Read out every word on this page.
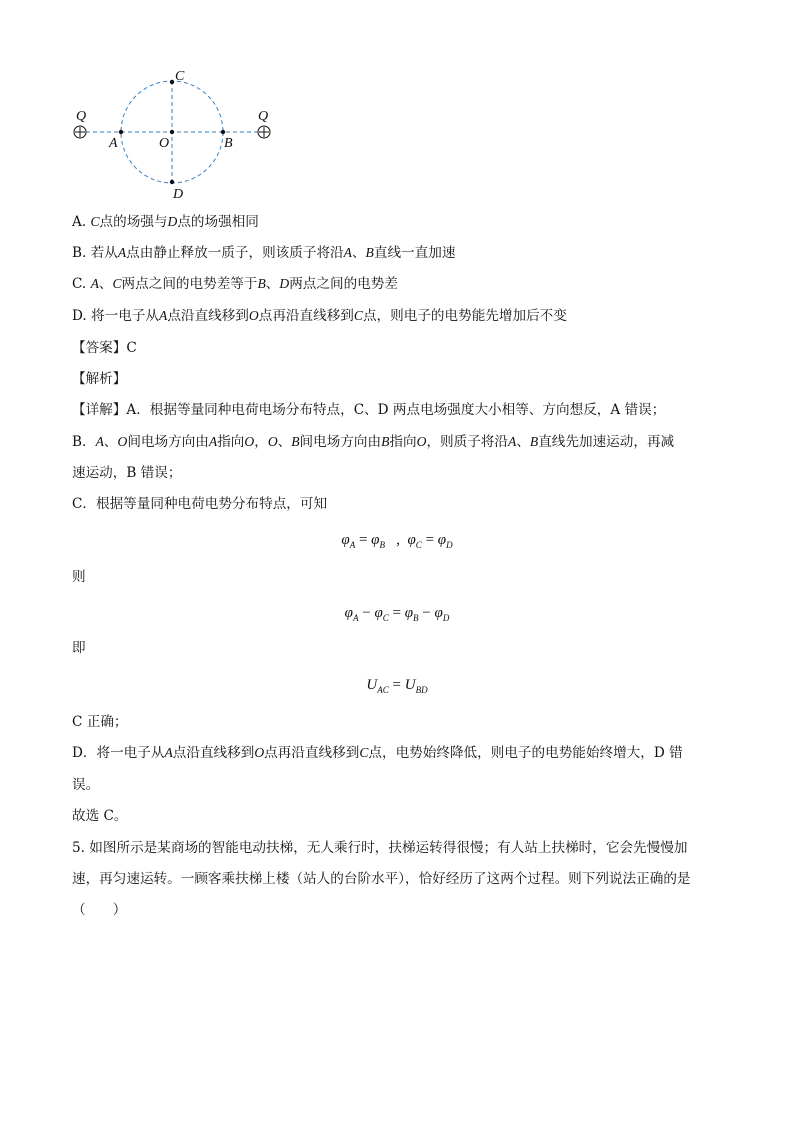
Q	Q
C
D
A	O	B
A. C点的场强与D点的场强相同
B. 若从A点由静止释放一质子，则该质子将沿A、B直线一直加速
C. A、C两点之间的电势差等于B、D两点之间的电势差
D. 将一电子从A点沿直线移到O点再沿直线移到C点，则电子的电势能先增加后不变
【答案】C
【解析】
【详解】A．根据等量同种电荷电场分布特点，C、D 两点电场强度大小相等、方向想反，A 错误；
B．A、O间电场方向由A指向O，O、B间电场方向由B指向O，则质子将沿A、B直线先加速运动，再减
速运动，B 错误；
C．根据等量同种电荷电势分布特点，可知
$\varphi_A = \varphi_B$   ,  $\varphi_C = \varphi_D$
则
$\varphi_A - \varphi_C = \varphi_B - \varphi_D$
即
$U_{AC} = U_{BD}$
C 正确；
D．将一电子从A点沿直线移到O点再沿直线移到C点，电势始终降低，则电子的电势能始终增大，D 错
误。
故选 C。
5. 如图所示是某商场的智能电动扶梯，无人乘行时，扶梯运转得很慢；有人站上扶梯时，它会先慢慢加
速，再匀速运转。一顾客乘扶梯上楼（站人的台阶水平），恰好经历了这两个过程。则下列说法正确的是
（　　）
